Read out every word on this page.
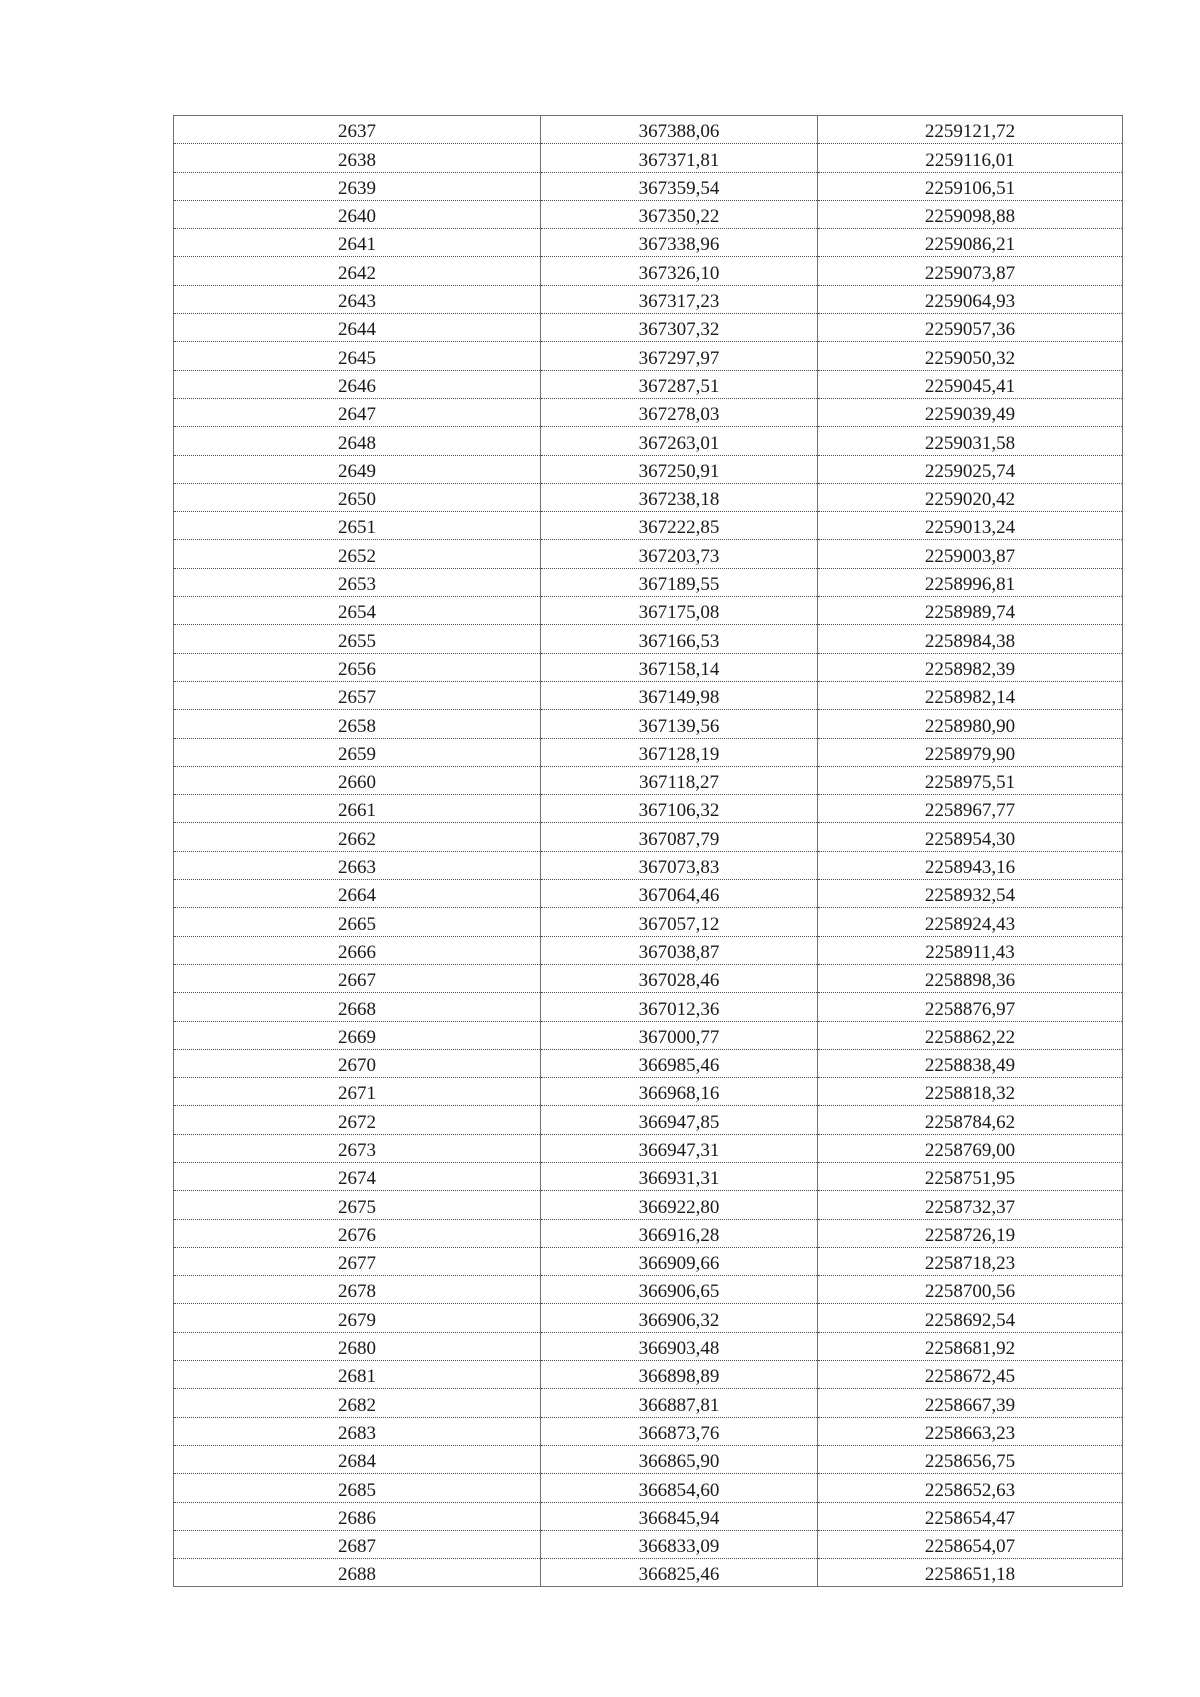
2637	367388,06	2259121,72
2638	367371,81	2259116,01
2639	367359,54	2259106,51
2640	367350,22	2259098,88
2641	367338,96	2259086,21
2642	367326,10	2259073,87
2643	367317,23	2259064,93
2644	367307,32	2259057,36
2645	367297,97	2259050,32
2646	367287,51	2259045,41
2647	367278,03	2259039,49
2648	367263,01	2259031,58
2649	367250,91	2259025,74
2650	367238,18	2259020,42
2651	367222,85	2259013,24
2652	367203,73	2259003,87
2653	367189,55	2258996,81
2654	367175,08	2258989,74
2655	367166,53	2258984,38
2656	367158,14	2258982,39
2657	367149,98	2258982,14
2658	367139,56	2258980,90
2659	367128,19	2258979,90
2660	367118,27	2258975,51
2661	367106,32	2258967,77
2662	367087,79	2258954,30
2663	367073,83	2258943,16
2664	367064,46	2258932,54
2665	367057,12	2258924,43
2666	367038,87	2258911,43
2667	367028,46	2258898,36
2668	367012,36	2258876,97
2669	367000,77	2258862,22
2670	366985,46	2258838,49
2671	366968,16	2258818,32
2672	366947,85	2258784,62
2673	366947,31	2258769,00
2674	366931,31	2258751,95
2675	366922,80	2258732,37
2676	366916,28	2258726,19
2677	366909,66	2258718,23
2678	366906,65	2258700,56
2679	366906,32	2258692,54
2680	366903,48	2258681,92
2681	366898,89	2258672,45
2682	366887,81	2258667,39
2683	366873,76	2258663,23
2684	366865,90	2258656,75
2685	366854,60	2258652,63
2686	366845,94	2258654,47
2687	366833,09	2258654,07
2688	366825,46	2258651,18
